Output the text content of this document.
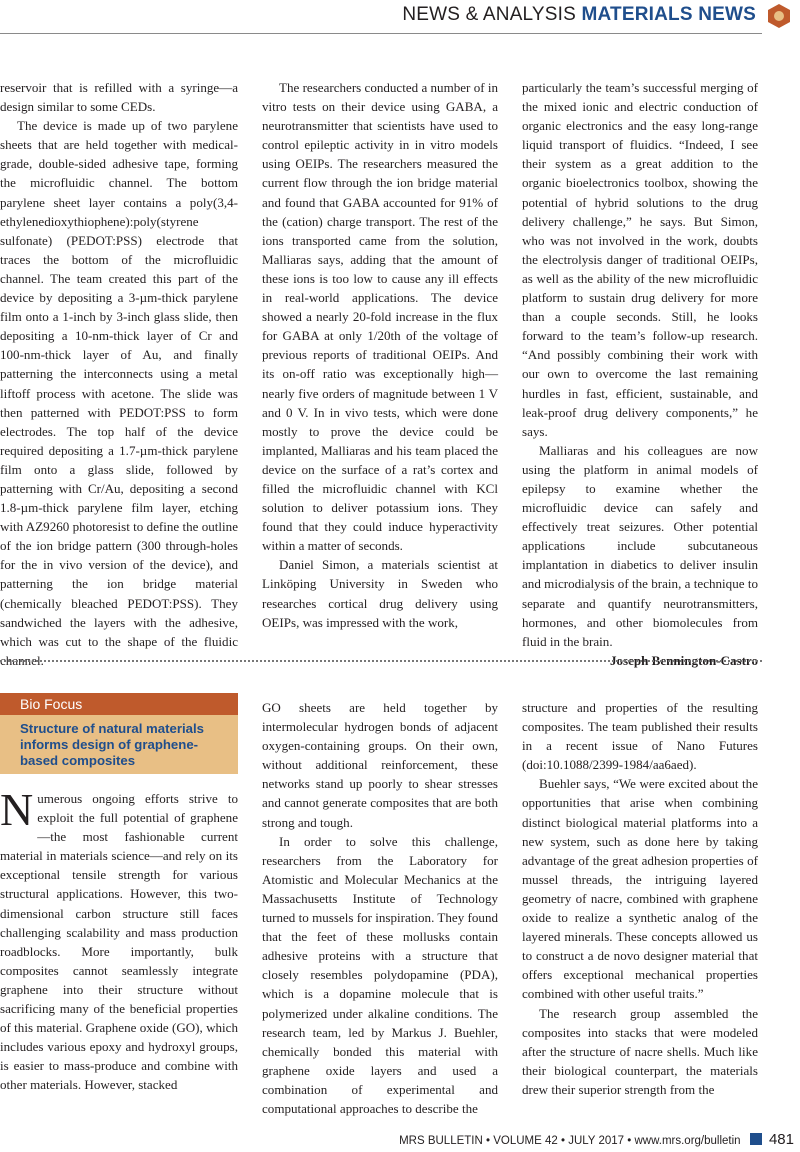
NEWS & ANALYSIS MATERIALS NEWS

reservoir that is refilled with a syringe—a design similar to some CEDs.

The device is made up of two parylene sheets that are held together with medical-grade, double-sided adhesive tape, forming the microfluidic channel. The bottom parylene sheet layer contains a poly(3,4-ethylenedioxythiophene):poly(styrene sulfonate) (PEDOT:PSS) electrode that traces the bottom of the microfluidic channel. The team created this part of the device by depositing a 3-µm-thick parylene film onto a 1-inch by 3-inch glass slide, then depositing a 10-nm-thick layer of Cr and 100-nm-thick layer of Au, and finally patterning the interconnects using a metal liftoff process with acetone. The slide was then patterned with PEDOT:PSS to form electrodes. The top half of the device required depositing a 1.7-µm-thick parylene film onto a glass slide, followed by patterning with Cr/Au, depositing a second 1.8-µm-thick parylene film layer, etching with AZ9260 photoresist to define the outline of the ion bridge pattern (300 through-holes for the in vivo version of the device), and patterning the ion bridge material (chemically bleached PEDOT:PSS). They sandwiched the layers with the adhesive, which was cut to the shape of the fluidic channel.

The researchers conducted a number of in vitro tests on their device using GABA, a neurotransmitter that scientists have used to control epileptic activity in in vitro models using OEIPs. The researchers measured the current flow through the ion bridge material and found that GABA accounted for 91% of the (cation) charge transport. The rest of the ions transported came from the solution, Malliaras says, adding that the amount of these ions is too low to cause any ill effects in real-world applications. The device showed a nearly 20-fold increase in the flux for GABA at only 1/20th of the voltage of previous reports of traditional OEIPs. And its on-off ratio was exceptionally high—nearly five orders of magnitude between 1 V and 0 V. In in vivo tests, which were done mostly to prove the device could be implanted, Malliaras and his team placed the device on the surface of a rat’s cortex and filled the microfluidic channel with KCl solution to deliver potassium ions. They found that they could induce hyperactivity within a matter of seconds.

Daniel Simon, a materials scientist at Linköping University in Sweden who researches cortical drug delivery using OEIPs, was impressed with the work,

particularly the team’s successful merging of the mixed ionic and electric conduction of organic electronics and the easy long-range liquid transport of fluidics. “Indeed, I see their system as a great addition to the organic bioelectronics toolbox, showing the potential of hybrid solutions to the drug delivery challenge,” he says. But Simon, who was not involved in the work, doubts the electrolysis danger of traditional OEIPs, as well as the ability of the new microfluidic platform to sustain drug delivery for more than a couple seconds. Still, he looks forward to the team’s follow-up research. “And possibly combining their work with our own to overcome the last remaining hurdles in fast, efficient, sustainable, and leak-proof drug delivery components,” he says.

Malliaras and his colleagues are now using the platform in animal models of epilepsy to examine whether the microfluidic device can safely and effectively treat seizures. Other potential applications include subcutaneous implantation in diabetics to deliver insulin and microdialysis of the brain, a technique to separate and quantify neurotransmitters, hormones, and other biomolecules from fluid in the brain.

Joseph Bennington-Castro

Bio Focus
Structure of natural materials informs design of graphene-based composites

Numerous ongoing efforts strive to exploit the full potential of graphene—the most fashionable current material in materials science—and rely on its exceptional tensile strength for various structural applications. However, this two-dimensional carbon structure still faces challenging scalability and mass production roadblocks. More importantly, bulk composites cannot seamlessly integrate graphene into their structure without sacrificing many of the beneficial properties of this material. Graphene oxide (GO), which includes various epoxy and hydroxyl groups, is easier to mass-produce and combine with other materials. However, stacked

GO sheets are held together by intermolecular hydrogen bonds of adjacent oxygen-containing groups. On their own, without additional reinforcement, these networks stand up poorly to shear stresses and cannot generate composites that are both strong and tough.

In order to solve this challenge, researchers from the Laboratory for Atomistic and Molecular Mechanics at the Massachusetts Institute of Technology turned to mussels for inspiration. They found that the feet of these mollusks contain adhesive proteins with a structure that closely resembles polydopamine (PDA), which is a dopamine molecule that is polymerized under alkaline conditions. The research team, led by Markus J. Buehler, chemically bonded this material with graphene oxide layers and used a combination of experimental and computational approaches to describe the

structure and properties of the resulting composites. The team published their results in a recent issue of Nano Futures (doi:10.1088/2399-1984/aa6aed).

Buehler says, “We were excited about the opportunities that arise when combining distinct biological material platforms into a new system, such as done here by taking advantage of the great adhesion properties of mussel threads, the intriguing layered geometry of nacre, combined with graphene oxide to realize a synthetic analog of the layered minerals. These concepts allowed us to construct a de novo designer material that offers exceptional mechanical properties combined with other useful traits.”

The research group assembled the composites into stacks that were modeled after the structure of nacre shells. Much like their biological counterpart, the materials drew their superior strength from the

MRS BULLETIN • VOLUME 42 • JULY 2017 • www.mrs.org/bulletin 481
